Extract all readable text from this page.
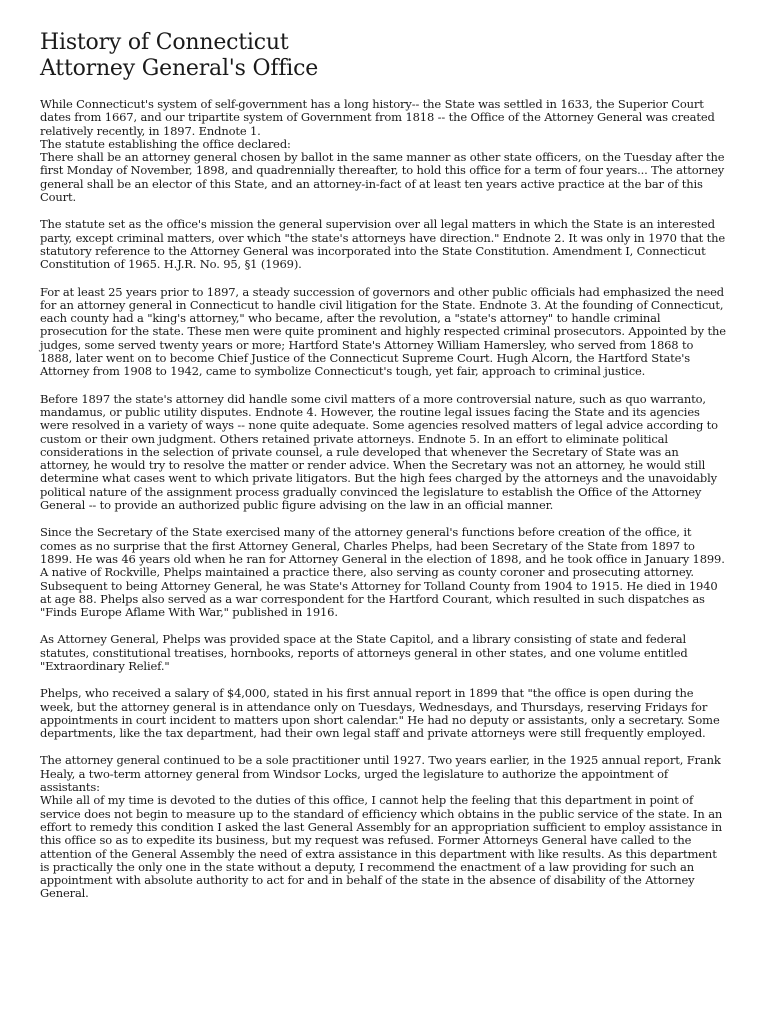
History of Connecticut
Attorney General's Office

While Connecticut's system of self-government has a long history-- the State was settled in 1633, the Superior Court dates from 1667, and our tripartite system of Government from 1818 -- the Office of the Attorney General was created relatively recently, in 1897. Endnote 1.

The statute establishing the office declared:

There shall be an attorney general chosen by ballot in the same manner as other state officers, on the Tuesday after the first Monday of November, 1898, and quadrennially thereafter, to hold this office for a term of four years... The attorney general shall be an elector of this State, and an attorney-in-fact of at least ten years active practice at the bar of this Court.

The statute set as the office's mission the general supervision over all legal matters in which the State is an interested party, except criminal matters, over which "the state's attorneys have direction." Endnote 2. It was only in 1970 that the statutory reference to the Attorney General was incorporated into the State Constitution. Amendment I, Connecticut Constitution of 1965. H.J.R. No. 95, §1 (1969).

For at least 25 years prior to 1897, a steady succession of governors and other public officials had emphasized the need for an attorney general in Connecticut to handle civil litigation for the State. Endnote 3. At the founding of Connecticut, each county had a "king's attorney," who became, after the revolution, a "state's attorney" to handle criminal prosecution for the state. These men were quite prominent and highly respected criminal prosecutors. Appointed by the judges, some served twenty years or more; Hartford State's Attorney William Hamersley, who served from 1868 to 1888, later went on to become Chief Justice of the Connecticut Supreme Court. Hugh Alcorn, the Hartford State's Attorney from 1908 to 1942, came to symbolize Connecticut's tough, yet fair, approach to criminal justice.

Before 1897 the state's attorney did handle some civil matters of a more controversial nature, such as quo warranto, mandamus, or public utility disputes. Endnote 4. However, the routine legal issues facing the State and its agencies were resolved in a variety of ways -- none quite adequate. Some agencies resolved matters of legal advice according to custom or their own judgment. Others retained private attorneys. Endnote 5. In an effort to eliminate political considerations in the selection of private counsel, a rule developed that whenever the Secretary of State was an attorney, he would try to resolve the matter or render advice. When the Secretary was not an attorney, he would still determine what cases went to which private litigators. But the high fees charged by the attorneys and the unavoidably political nature of the assignment process gradually convinced the legislature to establish the Office of the Attorney General -- to provide an authorized public figure advising on the law in an official manner.

Since the Secretary of the State exercised many of the attorney general's functions before creation of the office, it comes as no surprise that the first Attorney General, Charles Phelps, had been Secretary of the State from 1897 to 1899. He was 46 years old when he ran for Attorney General in the election of 1898, and he took office in January 1899. A native of Rockville, Phelps maintained a practice there, also serving as county coroner and prosecuting attorney. Subsequent to being Attorney General, he was State's Attorney for Tolland County from 1904 to 1915. He died in 1940 at age 88. Phelps also served as a war correspondent for the Hartford Courant, which resulted in such dispatches as "Finds Europe Aflame With War," published in 1916.

As Attorney General, Phelps was provided space at the State Capitol, and a library consisting of state and federal statutes, constitutional treatises, hornbooks, reports of attorneys general in other states, and one volume entitled "Extraordinary Relief."

Phelps, who received a salary of $4,000, stated in his first annual report in 1899 that "the office is open during the week, but the attorney general is in attendance only on Tuesdays, Wednesdays, and Thursdays, reserving Fridays for appointments in court incident to matters upon short calendar." He had no deputy or assistants, only a secretary. Some departments, like the tax department, had their own legal staff and private attorneys were still frequently employed.

The attorney general continued to be a sole practitioner until 1927. Two years earlier, in the 1925 annual report, Frank Healy, a two-term attorney general from Windsor Locks, urged the legislature to authorize the appointment of assistants:

While all of my time is devoted to the duties of this office, I cannot help the feeling that this department in point of service does not begin to measure up to the standard of efficiency which obtains in the public service of the state. In an effort to remedy this condition I asked the last General Assembly for an appropriation sufficient to employ assistance in this office so as to expedite its business, but my request was refused. Former Attorneys General have called to the attention of the General Assembly the need of extra assistance in this department with like results. As this department is practically the only one in the state without a deputy, I recommend the enactment of a law providing for such an appointment with absolute authority to act for and in behalf of the state in the absence of disability of the Attorney General.
